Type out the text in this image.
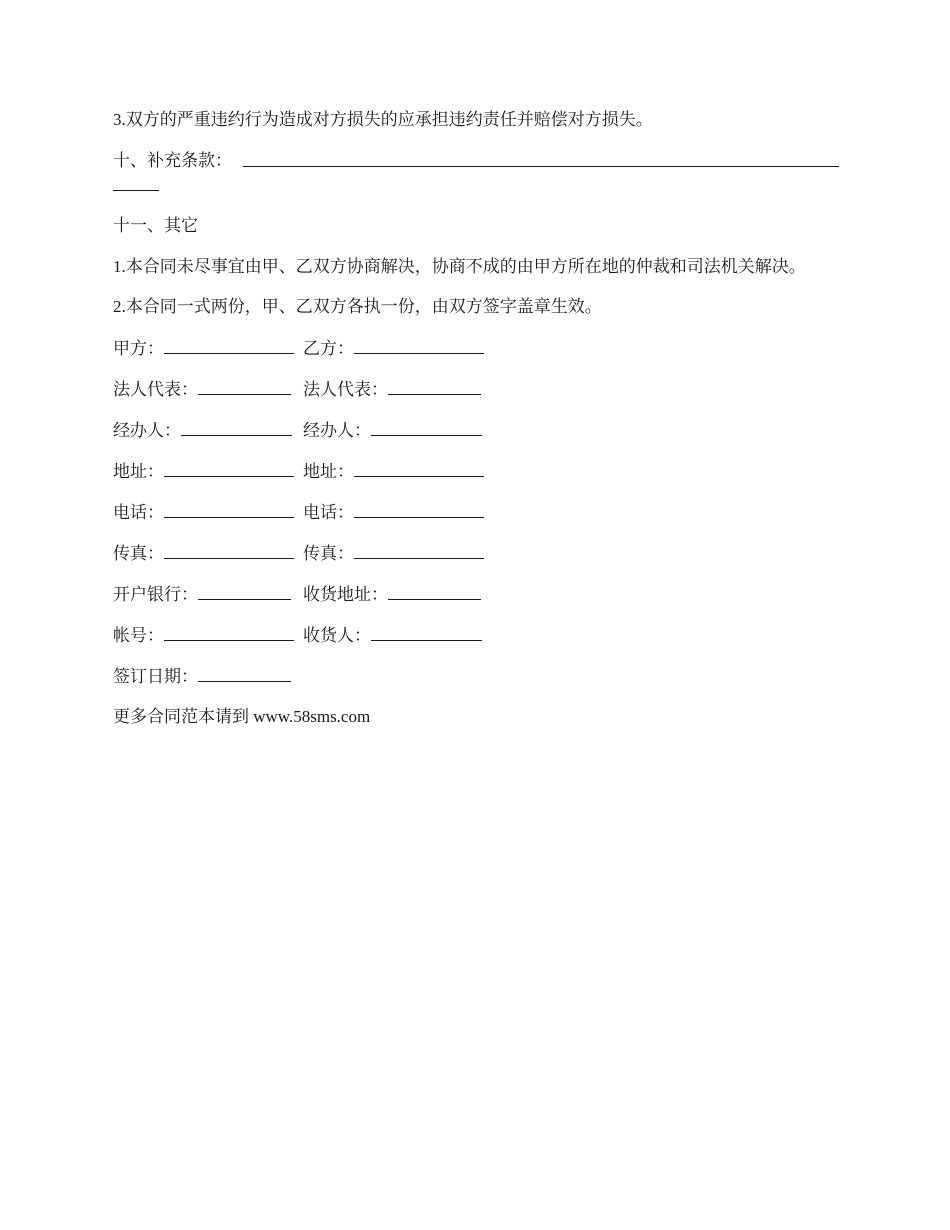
3.双方的严重违约行为造成对方损失的应承担违约责任并赔偿对方损失。

十、补充条款：

十一、其它

1.本合同未尽事宜由甲、乙双方协商解决，协商不成的由甲方所在地的仲裁和司法机关解决。

2.本合同一式两份，甲、乙双方各执一份，由双方签字盖章生效。

甲方：	乙方：
法人代表：	法人代表：
经办人：	经办人：
地址：	地址：
电话：	电话：
传真：	传真：
开户银行：	收货地址：
帐号：	收货人：
签订日期：

更多合同范本请到 www.58sms.com
